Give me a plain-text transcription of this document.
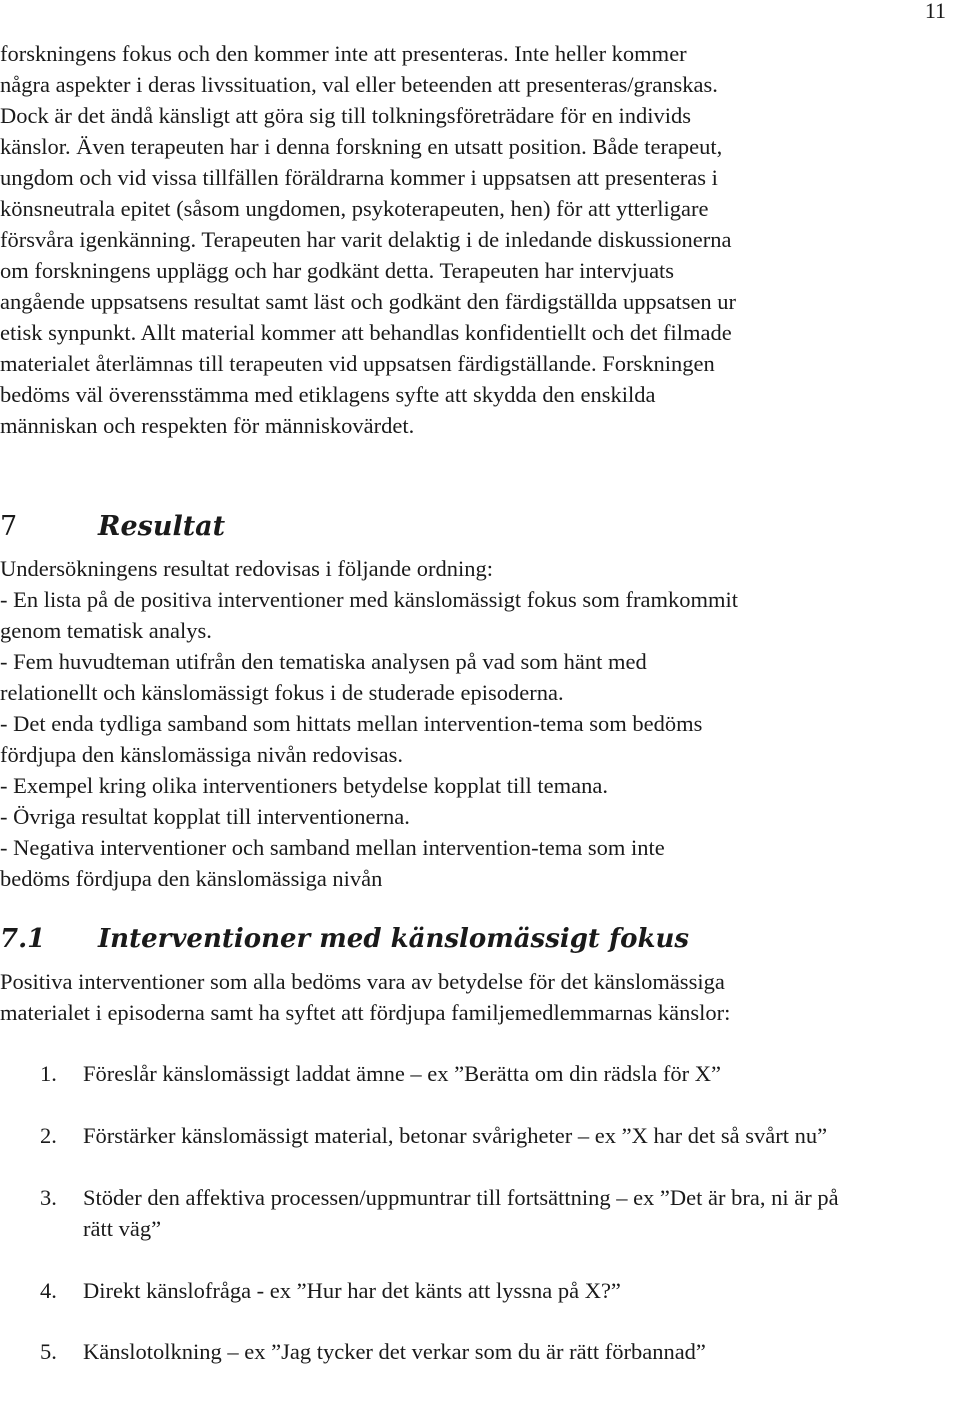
11
forskningens fokus och den kommer inte att presenteras. Inte heller kommer
några aspekter i deras livssituation, val eller beteenden att presenteras/granskas.
Dock är det ändå känsligt att göra sig till tolkningsföreträdare för en individs
känslor. Även terapeuten har i denna forskning en utsatt position. Både terapeut,
ungdom och vid vissa tillfällen föräldrarna kommer i uppsatsen att presenteras i
könsneutrala epitet (såsom ungdomen, psykoterapeuten, hen) för att ytterligare
försvåra igenkänning. Terapeuten har varit delaktig i de inledande diskussionerna
om forskningens upplägg och har godkänt detta. Terapeuten har intervjuats
angående uppsatsens resultat samt läst och godkänt den färdigställda uppsatsen ur
etisk synpunkt. Allt material kommer att behandlas konfidentiellt och det filmade
materialet återlämnas till terapeuten vid uppsatsen färdigställande. Forskningen
bedöms väl överensstämma med etiklagens syfte att skydda den enskilda
människan och respekten för människovärdet.
7	Resultat
Undersökningens resultat redovisas i följande ordning:
- En lista på de positiva interventioner med känslomässigt fokus som framkommit
genom tematisk analys.
- Fem huvudteman utifrån den tematiska analysen på vad som hänt med
relationellt och känslomässigt fokus i de studerade episoderna.
- Det enda tydliga samband som hittats mellan intervention-tema som bedöms
fördjupa den känslomässiga nivån redovisas.
- Exempel kring olika interventioners betydelse kopplat till temana.
- Övriga resultat kopplat till interventionerna.
- Negativa interventioner och samband mellan intervention-tema som inte
bedöms fördjupa den känslomässiga nivån
7.1	Interventioner med känslomässigt fokus
Positiva interventioner som alla bedöms vara av betydelse för det känslomässiga
materialet i episoderna samt ha syftet att fördjupa familjemedlemmarnas känslor:
1.	Föreslår känslomässigt laddat ämne – ex ”Berätta om din rädsla för X”
2.	Förstärker känslomässigt material, betonar svårigheter – ex ”X har det så svårt nu”
3.	Stöder den affektiva processen/uppmuntrar till fortsättning – ex ”Det är bra, ni är på rätt väg”
4.	Direkt känslofråga - ex ”Hur har det känts att lyssna på X?”
5.	Känslotolkning – ex ”Jag tycker det verkar som du är rätt förbannad”
